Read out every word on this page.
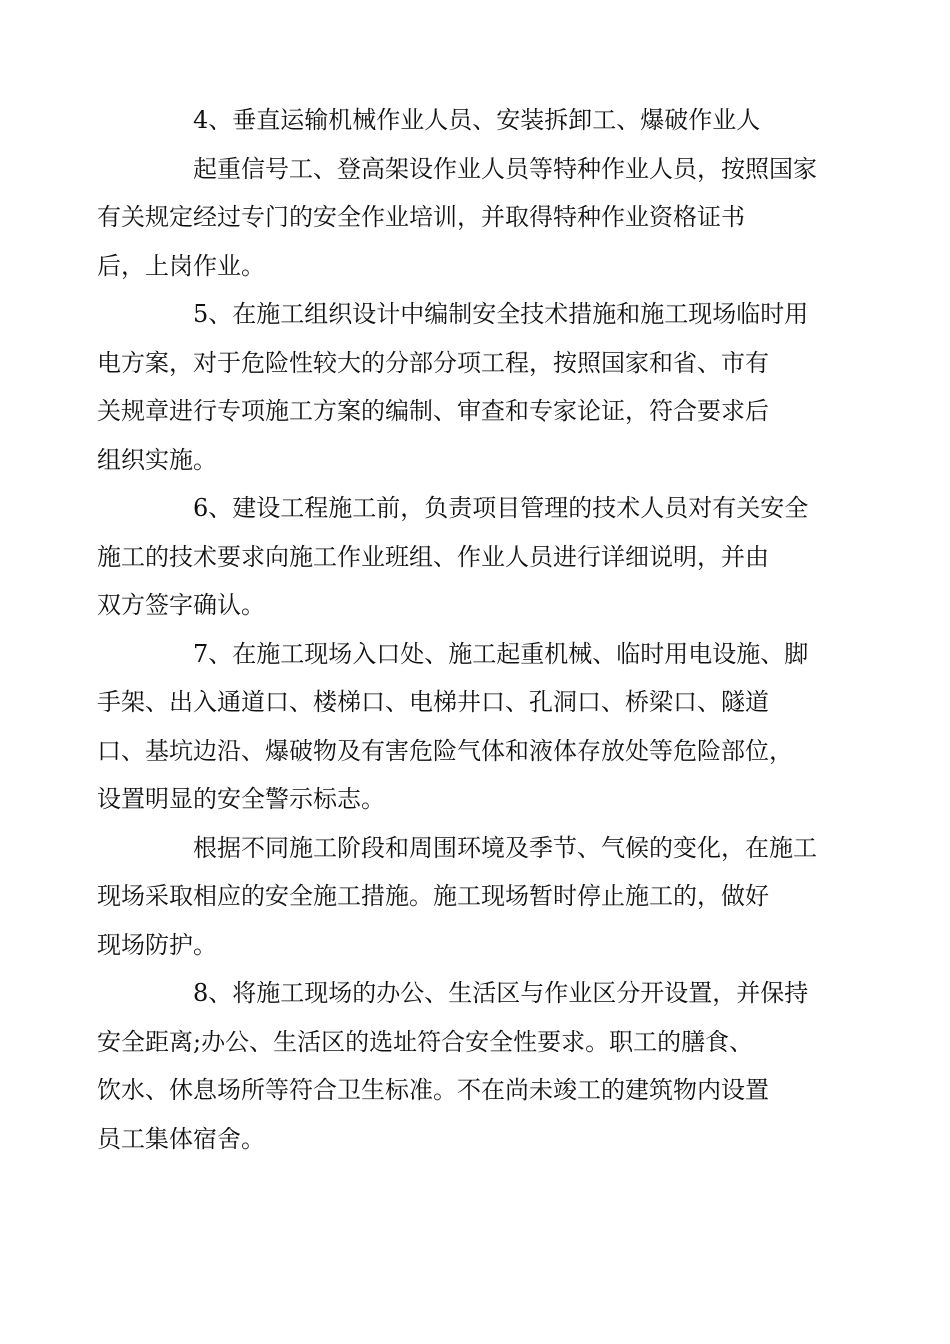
4、垂直运输机械作业人员、安装拆卸工、爆破作业人

起重信号工、登高架设作业人员等特种作业人员，按照国家
有关规定经过专门的安全作业培训，并取得特种作业资格证书
后，上岗作业。

5、在施工组织设计中编制安全技术措施和施工现场临时用
电方案，对于危险性较大的分部分项工程，按照国家和省、市有
关规章进行专项施工方案的编制、审查和专家论证，符合要求后
组织实施。

6、建设工程施工前，负责项目管理的技术人员对有关安全
施工的技术要求向施工作业班组、作业人员进行详细说明，并由
双方签字确认。

7、在施工现场入口处、施工起重机械、临时用电设施、脚
手架、出入通道口、楼梯口、电梯井口、孔洞口、桥梁口、隧道
口、基坑边沿、爆破物及有害危险气体和液体存放处等危险部位，
设置明显的安全警示标志。

根据不同施工阶段和周围环境及季节、气候的变化，在施工
现场采取相应的安全施工措施。施工现场暂时停止施工的，做好
现场防护。

8、将施工现场的办公、生活区与作业区分开设置，并保持
安全距离;办公、生活区的选址符合安全性要求。职工的膳食、
饮水、休息场所等符合卫生标准。不在尚未竣工的建筑物内设置
员工集体宿舍。
